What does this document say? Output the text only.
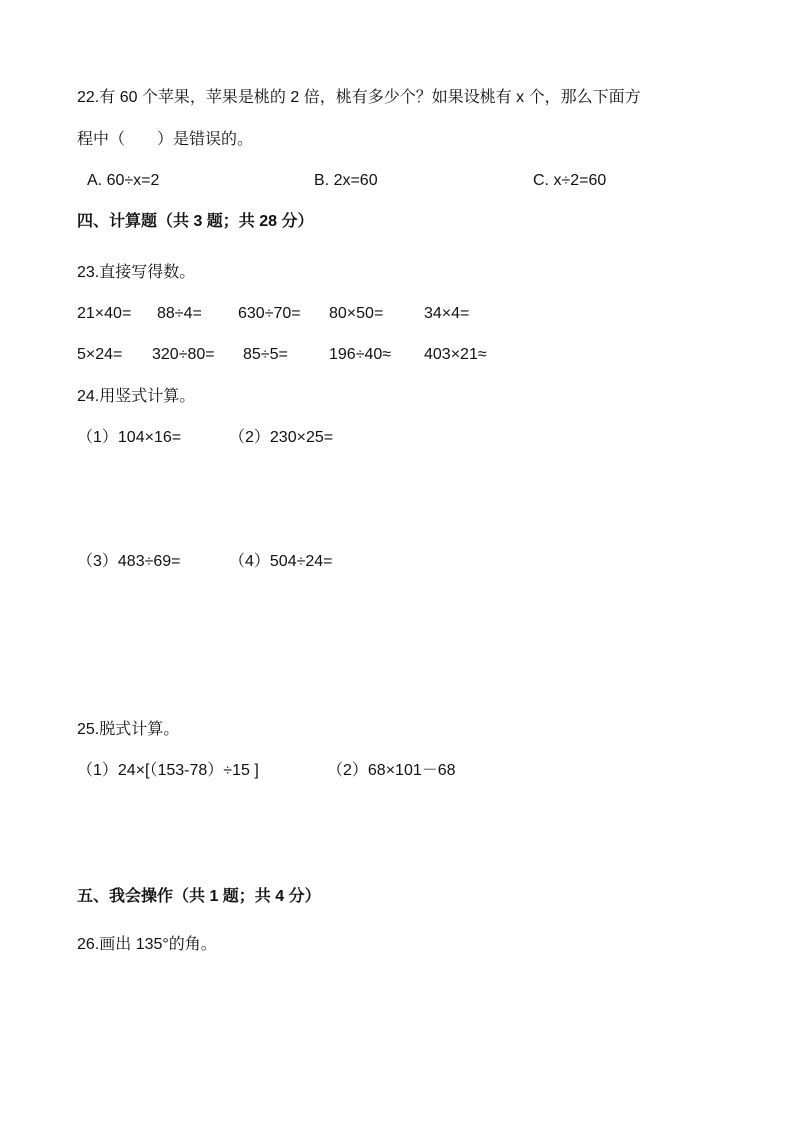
22.有 60 个苹果，苹果是桃的 2 倍，桃有多少个？如果设桃有 x 个，那么下面方
程中（　　）是错误的。
A. 60÷x=2	B. 2x=60	C. x÷2=60
四、计算题（共 3 题；共 28 分）
23.直接写得数。
21×40= 88÷4= 630÷70= 80×50=	34×4=
5×24= 320÷80= 85÷5=	196÷40≈ 403×21≈
24.用竖式计算。
（1）104×16=	（2）230×25=
（3）483÷69=	（4）504÷24=
25.脱式计算。
（1）24×[（153-78）÷15 ]	（2）68×101－68
五、我会操作（共 1 题；共 4 分）
26.画出 135°的角。
